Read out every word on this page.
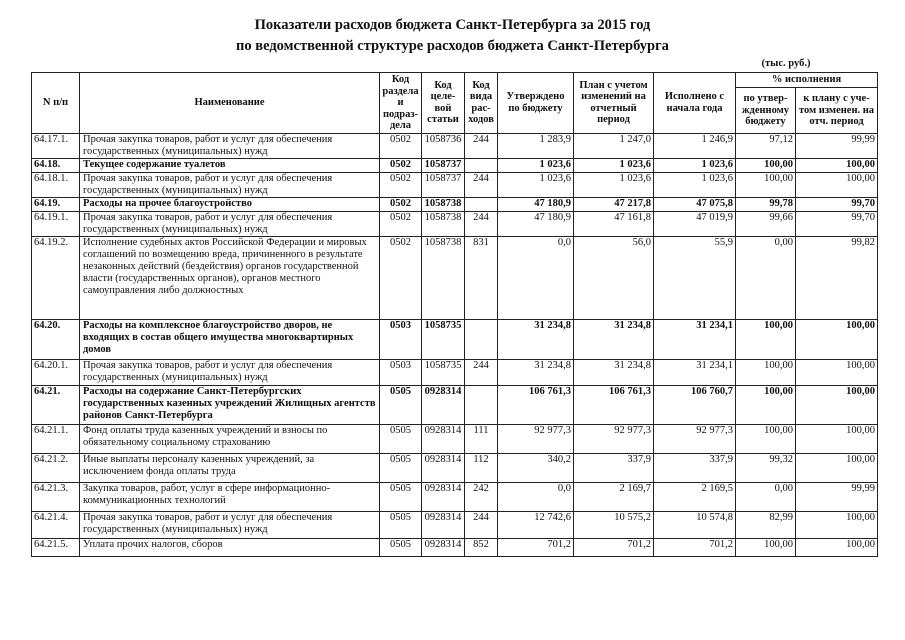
Показатели расходов бюджета Санкт-Петербурга за 2015 год
по ведомственной структуре расходов бюджета Санкт-Петербурга
(тыс. руб.)
N п/п	Наименование	Код раздела и подраз-дела	Код целе-вой статьи	Код вида рас-ходов	Утверждено по бюджету	План с учетом изменений на отчетный период	Исполнено с начала года	% исполнения	
								по утвер-жденному бюджету	к плану с уче-том изменен. на отч. период
64.17.1.	Прочая закупка товаров, работ и услуг для обеспечения государственных (муниципальных) нужд	0502	1058736	244	1 283,9	1 247,0	1 246,9	97,12	99,99
64.18.	Текущее содержание туалетов	0502	1058737		1 023,6	1 023,6	1 023,6	100,00	100,00
64.18.1.	Прочая закупка товаров, работ и услуг для обеспечения государственных (муниципальных) нужд	0502	1058737	244	1 023,6	1 023,6	1 023,6	100,00	100,00
64.19.	Расходы на прочее благоустройство	0502	1058738		47 180,9	47 217,8	47 075,8	99,78	99,70
64.19.1.	Прочая закупка товаров, работ и услуг для обеспечения государственных (муниципальных) нужд	0502	1058738	244	47 180,9	47 161,8	47 019,9	99,66	99,70
64.19.2.	Исполнение судебных актов Российской Федерации и мировых соглашений по возмещению вреда, причиненного в результате незаконных действий (бездействия) органов государственной власти (государственных органов), органов местного самоуправления либо должностных	0502	1058738	831	0,0	56,0	55,9	0,00	99,82
64.20.	Расходы на комплексное благоустройство дворов, не входящих в состав общего имущества многоквартирных домов	0503	1058735		31 234,8	31 234,8	31 234,1	100,00	100,00
64.20.1.	Прочая закупка товаров, работ и услуг для обеспечения государственных (муниципальных) нужд	0503	1058735	244	31 234,8	31 234,8	31 234,1	100,00	100,00
64.21.	Расходы на содержание Санкт-Петербургских государственных казенных учреждений Жилищных агентств районов Санкт-Петербурга	0505	0928314		106 761,3	106 761,3	106 760,7	100,00	100,00
64.21.1.	Фонд оплаты труда казенных учреждений и взносы по обязательному социальному страхованию	0505	0928314	111	92 977,3	92 977,3	92 977,3	100,00	100,00
64.21.2.	Иные выплаты персоналу казенных учреждений, за исключением фонда оплаты труда	0505	0928314	112	340,2	337,9	337,9	99,32	100,00
64.21.3.	Закупка товаров, работ, услуг в сфере информационно-коммуникационных технологий	0505	0928314	242	0,0	2 169,7	2 169,5	0,00	99,99
64.21.4.	Прочая закупка товаров, работ и услуг для обеспечения государственных (муниципальных) нужд	0505	0928314	244	12 742,6	10 575,2	10 574,8	82,99	100,00
64.21.5.	Уплата прочих налогов, сборов	0505	0928314	852	701,2	701,2	701,2	100,00	100,00
